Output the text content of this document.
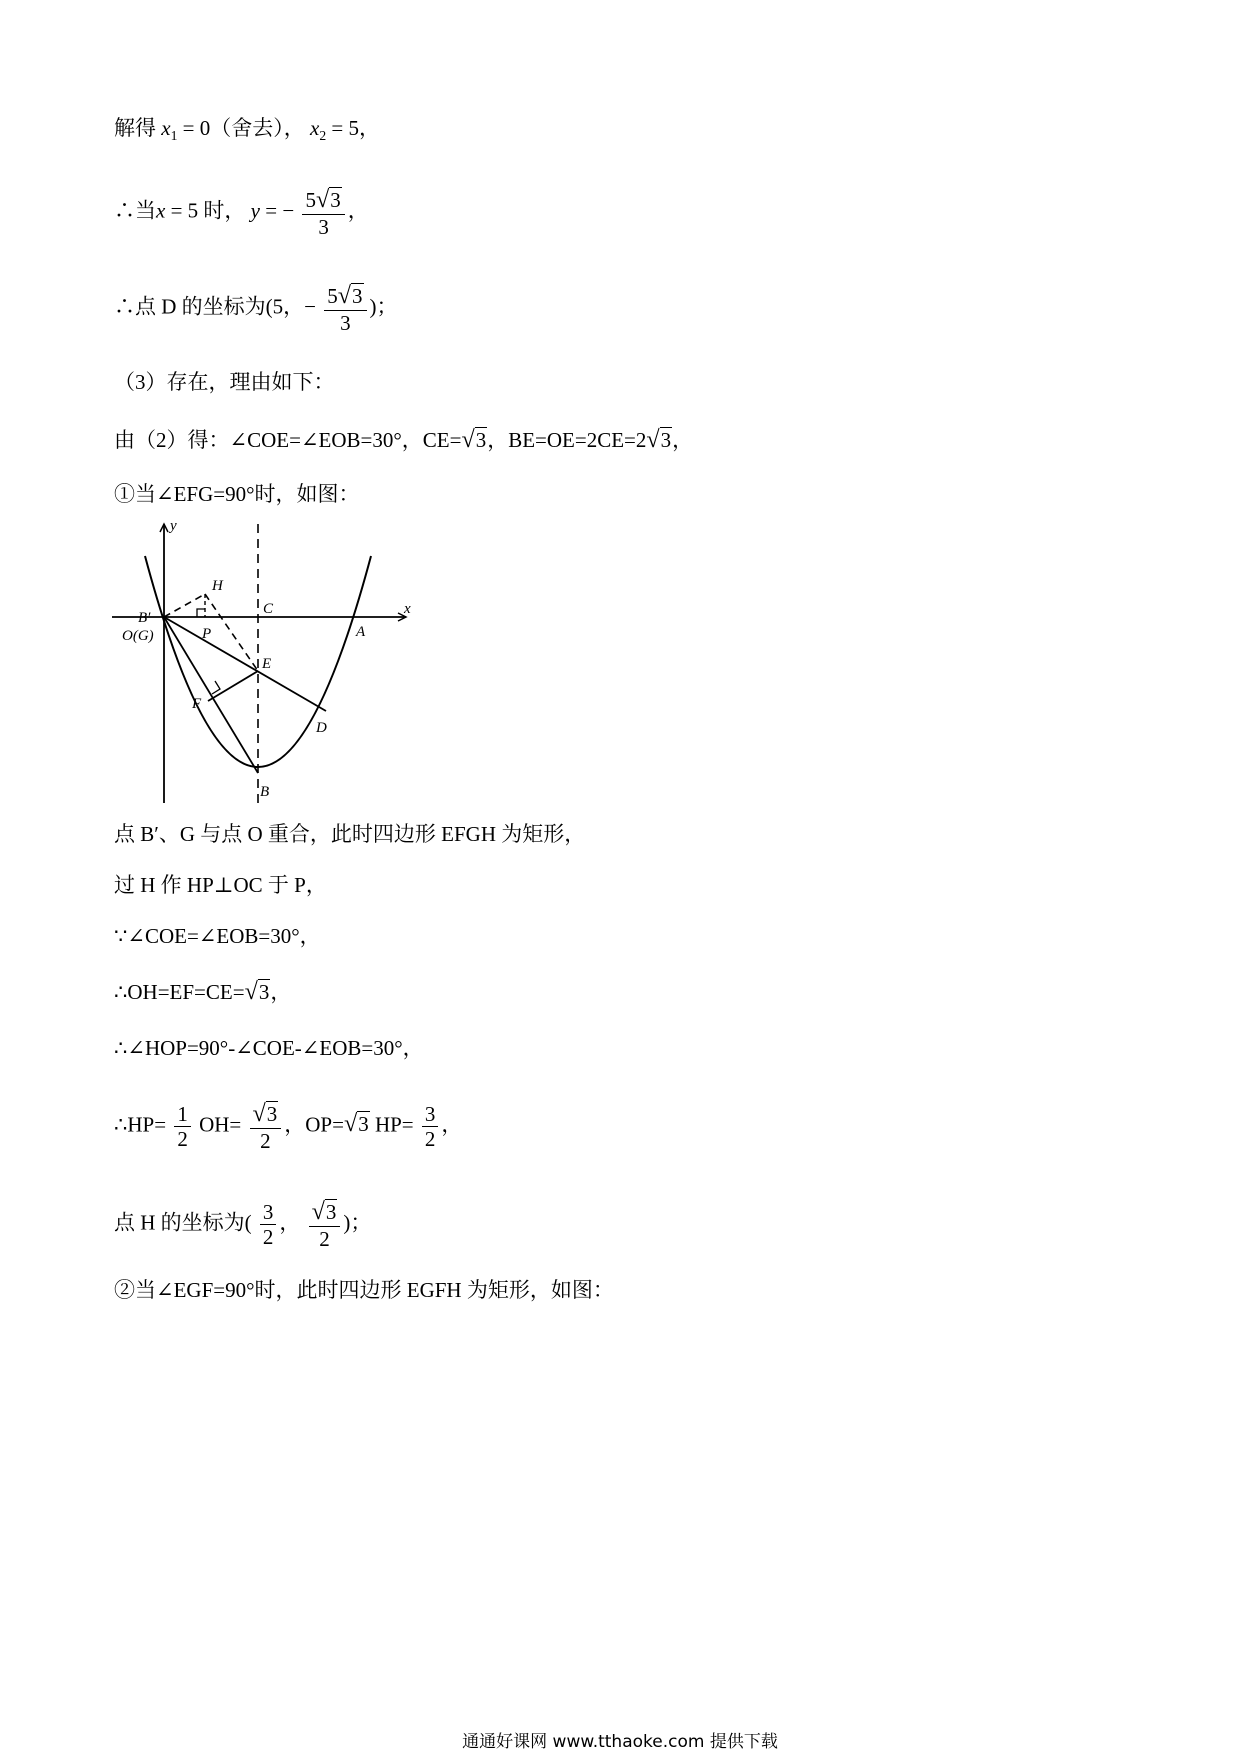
解得 $x_1 = 0$（舍去）， $x_2 = 5$，
∴当x = 5 时， y = − $\frac{5√3}{3}$ ，
∴点 D 的坐标为(5，− $\frac{5√3}{3}$ )；
（3）存在，理由如下：
由（2）得：∠COE=∠EOB=30°，CE=√3，BE=OE=2CE=2√3，
①当∠EFG=90°时，如图：
y
x
H
B′
C
O(G)	P	A
E
F
D
B
点 B′、G 与点 O 重合，此时四边形 EFGH 为矩形，
过 H 作 HP⊥OC 于 P，
∵∠COE=∠EOB=30°，
∴OH=EF=CE=√3，
∴∠HOP=90°-∠COE-∠EOB=30°，
∴HP= $\frac{1}{2} OH= \frac{√3}{2}$ ，OP=√3 $HP= \frac{3}{2}$ ，
点 H 的坐标为( $\frac{3}{2}$ ， $\frac{√3}{2}$ )；
②当∠EGF=90°时，此时四边形 EGFH 为矩形，如图：
通通好课网 www.tthaoke.com 提供下载
